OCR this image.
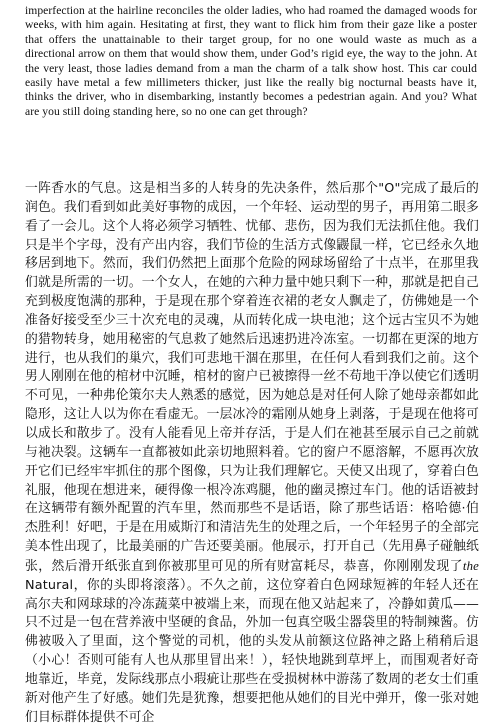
imperfection at the hairline reconciles the older ladies, who had roamed the damaged woods for weeks, with him again. Hesitating at first, they want to flick him from their gaze like a poster that offers the unattainable to their target group, for no one would waste as much as a directional arrow on them that would show them, under God’s rigid eye, the way to the john. At the very least, those ladies demand from a man the charm of a talk show host. This car could easily have metal a few millimeters thicker, just like the really big nocturnal beasts have it, thinks the driver, who in disembarking, instantly becomes a pedestrian again. And you? What are you still doing standing here, so no one can get through?

一阵香水的气息。这是相当多的人转身的先决条件，然后那个"O"完成了最后的润色。我们看到如此美好事物的成因，一个年轻、运动型的男子，再用第二眼多看了一会儿。这个人将必须学习牺牲、忧郁、悲伤，因为我们无法抓住他。我们只是半个字母，没有产出内容，我们节俭的生活方式像鼹鼠一样，它已经永久地移居到地下。然而，我们仍然把上面那个危险的网球场留给了十点半，在那里我们就是所需的一切。一个女人，在她的六种力量中她只剩下一种，那就是把自己充到极度饱满的那种，于是现在那个穿着连衣裙的老女人飘走了，仿佛她是一个准备好接受至少三十次充电的灵魂，从而转化成一块电池；这个远古宝贝不为她的猎物转身，她用秘密的气息救了她然后迅速扔进冷冻室。一切都在更深的地方进行，也从我们的巢穴，我们可悲地干涸在那里，在任何人看到我们之前。这个男人刚刚在他的棺材中沉睡，棺材的窗户已被擦得一丝不苟地干净以使它们透明不可见，一种弗伦策尔夫人熟悉的感觉，因为她总是对任何人除了她母亲都如此隐形，这让人以为你在看虚无。一层冰冷的霜刚从她身上剥落，于是现在他将可以成长和散步了。没有人能看见上帝并存活，于是人们在祂甚至展示自己之前就与祂决裂。这辆车一直都被如此亲切地照料着。它的窗户不愿溶解，不愿再次放开它们已经牢牢抓住的那个图像，只为让我们理解它。天使又出现了，穿着白色礼服，他现在想进来，硬得像一根冷冻鸡腿，他的幽灵擦过车门。他的话语被封在这辆带有额外配置的汽车里，然而那些不是话语，除了那些话语：格哈德·伯杰胜利！好吧，于是在用威斯汀和清洁先生的处理之后，一个年轻男子的全部完美本性出现了，比最美丽的广告还要美丽。他展示，打开自己（先用鼻子碰触纸张，然后滑开纸张直到你被那里可见的所有财富耗尽，恭喜，你刚刚发现了the Natural，你的头即将滚落）。不久之前，这位穿着白色网球短裤的年轻人还在高尔夫和网球球的冷冻蔬菜中被端上来，而现在他又站起来了，冷静如黄瓜——只不过是一包在营养液中坚硬的食品，外加一包真空吸尘器袋里的特制辣酱。仿佛被吸入了里面，这个警觉的司机，他的头发从前额这位路神之路上稍稍后退（小心！否则可能有人也从那里冒出来！），轻快地跳到草坪上，而围观者好奇地靠近，毕竟，发际线那点小瑕疵让那些在受损树林中游荡了数周的老女士们重新对他产生了好感。她们先是犹豫，想要把他从她们的目光中弹开，像一张对她们目标群体提供不可企
